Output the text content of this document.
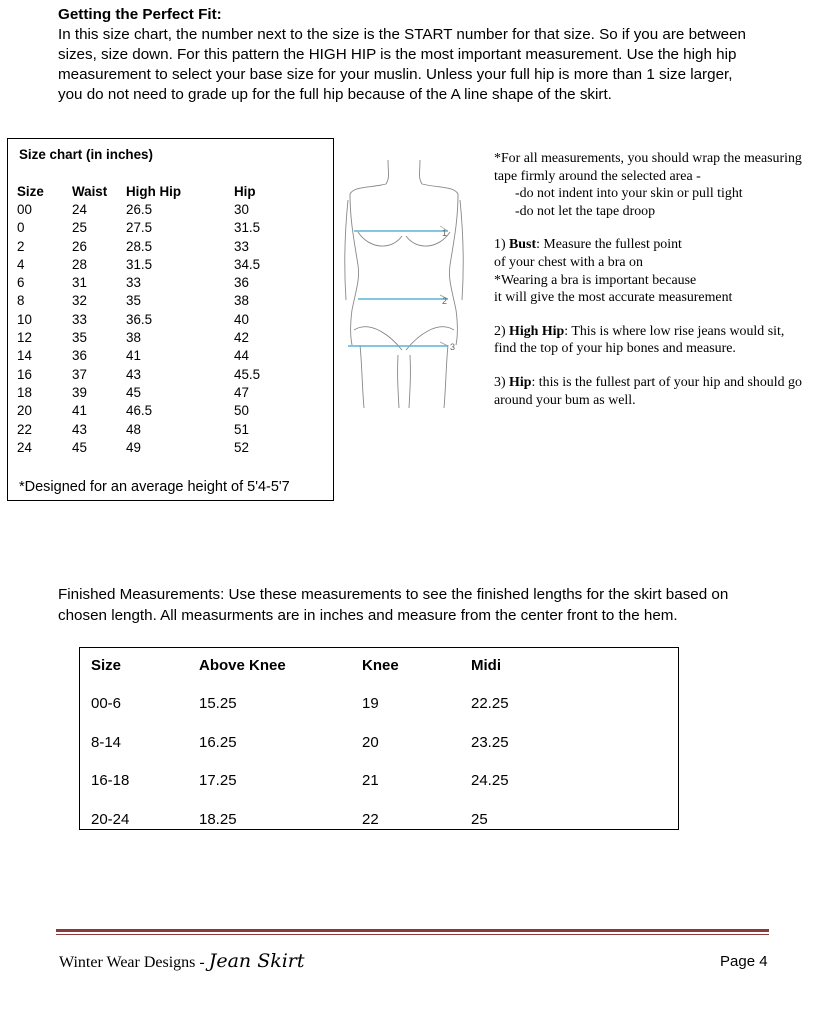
Getting the Perfect Fit:
In this size chart, the number next to the size is the START number for that size. So if you are between
sizes, size down. For this pattern the HIGH HIP is the most important measurement. Use the high hip
measurement to select your base size for your muslin. Unless your full hip is more than 1 size larger,
you do not need to grade up for the full hip because of the A line shape of the skirt.
Size chart (in inches)
Size	Waist	High Hip	Hip
00	24	26.5	30
0	25	27.5	31.5
2	26	28.5	33
4	28	31.5	34.5
6	31	33	36
8	32	35	38
10	33	36.5	40
12	35	38	42
14	36	41	44
16	37	43	45.5
18	39	45	47
20	41	46.5	50
22	43	48	51
24	45	49	52
*Designed for an average height of 5'4-5'7
1
2
3

*For all measurements, you should wrap the measuring

tape firmly around the selected area -

-do not indent into your skin or pull tight

-do not let the tape droop

1) Bust: Measure the fullest point

of your chest with a bra on

*Wearing a bra is important because

it will give the most accurate measurement

2) High Hip: This is where low rise jeans would sit,

find the top of your hip bones and measure.

3) Hip: this is the fullest part of your hip and should go

around your bum as well.

Finished Measurements: Use these measurements to see the finished lengths for the skirt based on
chosen length. All measurments are in inches and measure from the center front to the hem.
Size	Above Knee	Knee	Midi
00-6	15.25	19	22.25
8-14	16.25	20	23.25
16-18	17.25	21	24.25
20-24	18.25	22	25
Winter Wear Designs - Jean Skirt	Page 4
